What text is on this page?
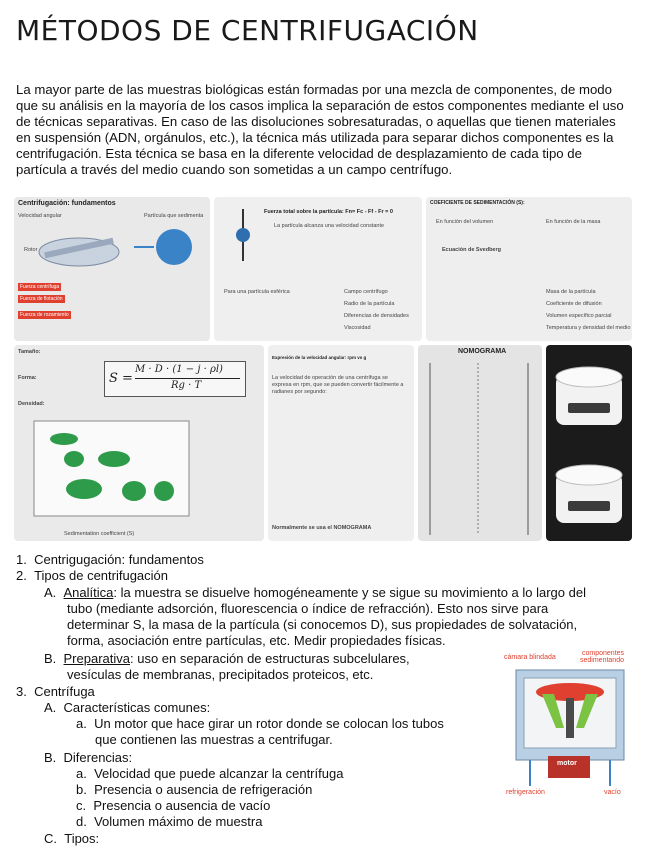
MÉTODOS DE CENTRIFUGACIÓN

La mayor parte de las muestras biológicas están formadas por una mezcla de componentes, de modo que su análisis en la mayoría de los casos implica la separación de estos componentes mediante el uso de técnicas separativas. En caso de las disoluciones sobresaturadas, o aquellas que tienen materiales en suspensión (ADN, orgánulos, etc.), la técnica más utilizada para separar dichos componentes es la centrifugación. Esta técnica se basa en la diferente velocidad de desplazamiento de cada tipo de partícula a través del medio cuando son sometidas a un campo centrífugo.

Centrifugación: fundamentos
Velocidad angular	Partícula que sedimenta
Rotor
Fuerza centrífuga
Fuerza de flotación
Fuerza de rozamiento
Fuerza total sobre la partícula: Fn= Fc - Ff - Fr = 0
La partícula alcanza una velocidad constante
Para una partícula esférica	Campo centrífugo
Radio de la partícula
Diferencias de densidades
Viscosidad
COEFICIENTE DE SEDIMENTACIÓN (S):
En función del volumen	En función de la masa
Ecuación de Svedberg
Masa de la partícula
Coeficiente de difusión
Volumen específico parcial
Temperatura y densidad del medio
Tamaño:
Forma:
Densidad:
S =
M · D · (1 − j · ρl)
Rg · T
Sedimentation coefficient (S)
Expresión de la velocidad angular: rpm vs g
La velocidad de operación de una centrífuga se expresa en rpm, que se pueden convertir fácilmente a radianes por segundo:
Normalmente se usa el NOMOGRAMA
NOMOGRAMA
1.  Centrigugación: fundamentos
2.  Tipos de centrifugación
A.  Analítica: la muestra se disuelve homogéneamente y se sigue su movimiento a lo largo del
tubo (mediante adsorción, fluorescencia o índice de refracción). Esto nos sirve para
determinar S, la masa de la partícula (si conocemos D), sus propiedades de solvatación,
forma, asociación entre partículas, etc. Medir propiedades físicas.
B.  Preparativa: uso en separación de estructuras subcelulares,
vesículas de membranas, precipitados proteicos, etc.
3.  Centrífuga
A.  Características comunes:
a.  Un motor que hace girar un rotor donde se colocan los tubos
que contienen las muestras a centrifugar.
B.  Diferencias:
a.  Velocidad que puede alcanzar la centrífuga
b.  Presencia o ausencia de refrigeración
c.  Presencia o ausencia de vacío
d.  Volumen máximo de muestra
C.  Tipos:
cámara blindada
componentes
sedimentando
motor
refrigeración	vacío
